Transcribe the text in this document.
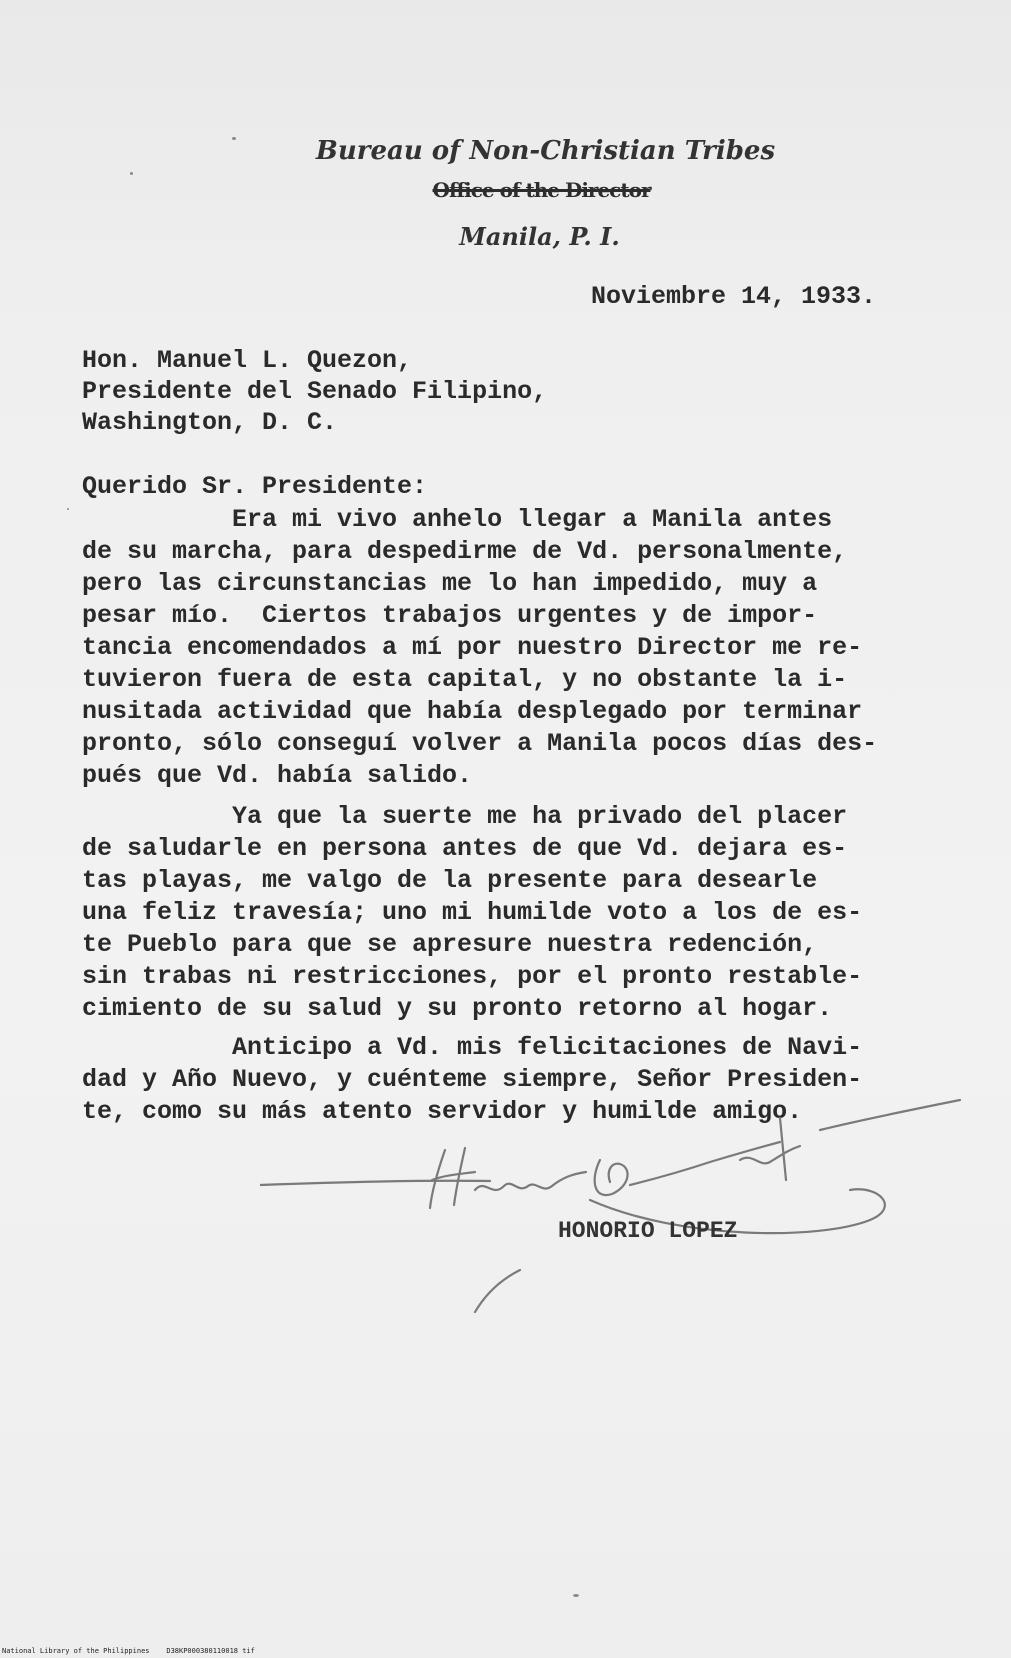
Bureau of Non-Christian Tribes
Office of the Director
Manila, P. I.
Noviembre 14, 1933.
Hon. Manuel L. Quezon,
Presidente del Senado Filipino,
Washington, D. C.
Querido Sr. Presidente:
Era mi vivo anhelo llegar a Manila antes
de su marcha, para despedirme de Vd. personalmente,
pero las circunstancias me lo han impedido, muy a
pesar mío.  Ciertos trabajos urgentes y de impor-
tancia encomendados a mí por nuestro Director me re-
tuvieron fuera de esta capital, y no obstante la i-
nusitada actividad que había desplegado por terminar
pronto, sólo conseguí volver a Manila pocos días des-
pués que Vd. había salido.
Ya que la suerte me ha privado del placer
de saludarle en persona antes de que Vd. dejara es-
tas playas, me valgo de la presente para desearle
una feliz travesía; uno mi humilde voto a los de es-
te Pueblo para que se apresure nuestra redención,
sin trabas ni restricciones, por el pronto restable-
cimiento de su salud y su pronto retorno al hogar.
Anticipo a Vd. mis felicitaciones de Navi-
dad y Año Nuevo, y cuénteme siempre, Señor Presiden-
te, como su más atento servidor y humilde amigo.
HONORIO LOPEZ
National Library of the Philippines    D38KP000380110018 tif
